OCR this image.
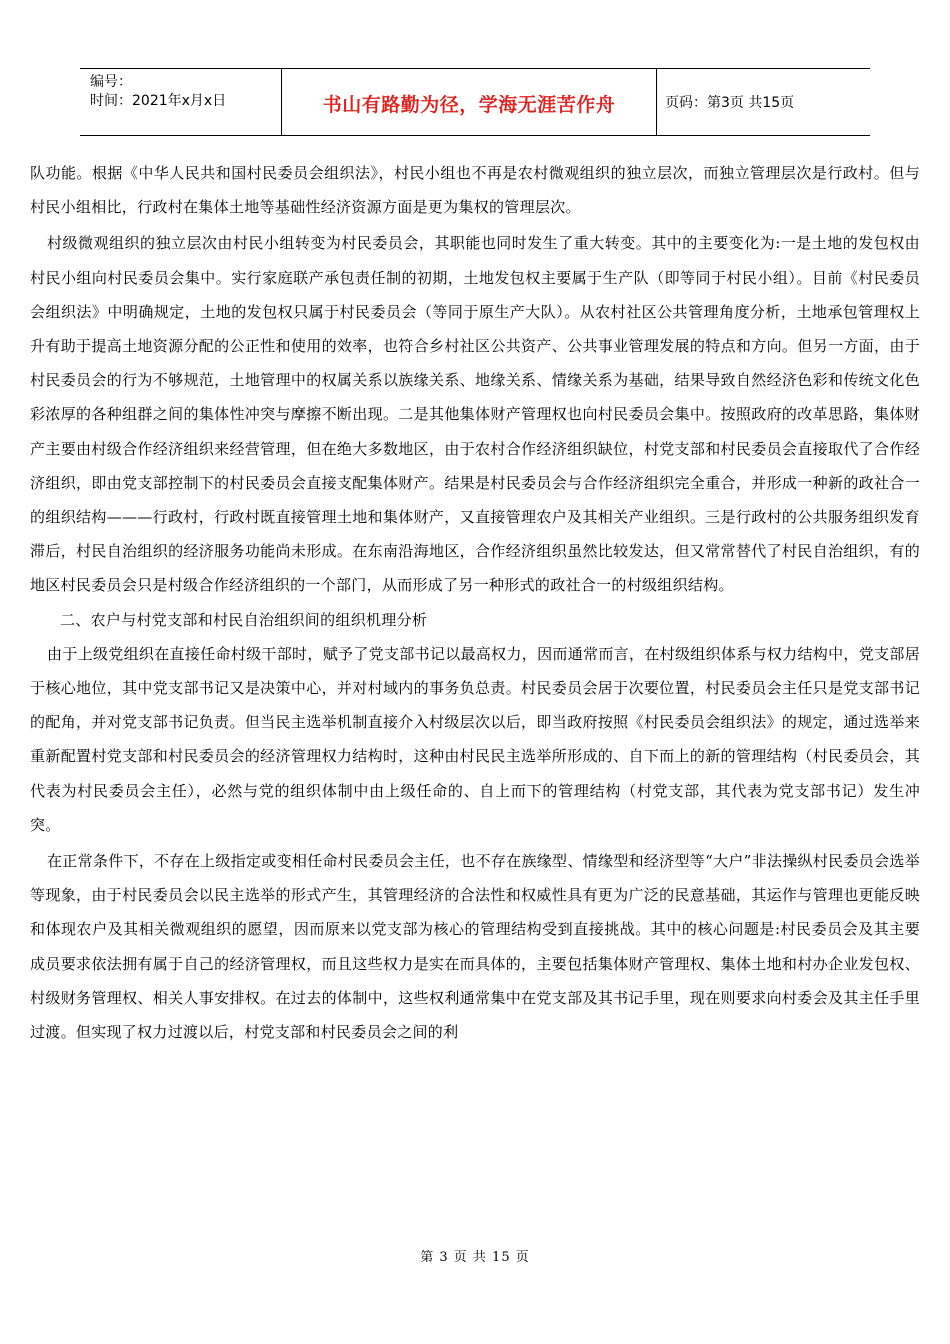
编号：
时间：2021年x月x日	书山有路勤为径，学海无涯苦作舟	页码：第3页 共15页

队功能。根据《中华人民共和国村民委员会组织法》，村民小组也不再是农村微观组织的独立层次，而独立管理层次是行政村。但与村民小组相比，行政村在集体土地等基础性经济资源方面是更为集权的管理层次。

村级微观组织的独立层次由村民小组转变为村民委员会，其职能也同时发生了重大转变。其中的主要变化为:一是土地的发包权由村民小组向村民委员会集中。实行家庭联产承包责任制的初期，土地发包权主要属于生产队（即等同于村民小组）。目前《村民委员会组织法》中明确规定，土地的发包权只属于村民委员会（等同于原生产大队）。从农村社区公共管理角度分析，土地承包管理权上升有助于提高土地资源分配的公正性和使用的效率，也符合乡村社区公共资产、公共事业管理发展的特点和方向。但另一方面，由于村民委员会的行为不够规范，土地管理中的权属关系以族缘关系、地缘关系、情缘关系为基础，结果导致自然经济色彩和传统文化色彩浓厚的各种组群之间的集体性冲突与摩擦不断出现。二是其他集体财产管理权也向村民委员会集中。按照政府的改革思路，集体财产主要由村级合作经济组织来经营管理，但在绝大多数地区，由于农村合作经济组织缺位，村党支部和村民委员会直接取代了合作经济组织，即由党支部控制下的村民委员会直接支配集体财产。结果是村民委员会与合作经济组织完全重合，并形成一种新的政社合一的组织结构———行政村，行政村既直接管理土地和集体财产，又直接管理农户及其相关产业组织。三是行政村的公共服务组织发育滞后，村民自治组织的经济服务功能尚未形成。在东南沿海地区，合作经济组织虽然比较发达，但又常常替代了村民自治组织，有的地区村民委员会只是村级合作经济组织的一个部门，从而形成了另一种形式的政社合一的村级组织结构。

二、农户与村党支部和村民自治组织间的组织机理分析

由于上级党组织在直接任命村级干部时，赋予了党支部书记以最高权力，因而通常而言，在村级组织体系与权力结构中，党支部居于核心地位，其中党支部书记又是决策中心，并对村域内的事务负总责。村民委员会居于次要位置，村民委员会主任只是党支部书记的配角，并对党支部书记负责。但当民主选举机制直接介入村级层次以后，即当政府按照《村民委员会组织法》的规定，通过选举来重新配置村党支部和村民委员会的经济管理权力结构时，这种由村民民主选举所形成的、自下而上的新的管理结构（村民委员会，其代表为村民委员会主任），必然与党的组织体制中由上级任命的、自上而下的管理结构（村党支部，其代表为党支部书记）发生冲突。

在正常条件下，不存在上级指定或变相任命村民委员会主任，也不存在族缘型、情缘型和经济型等“大户”非法操纵村民委员会选举等现象，由于村民委员会以民主选举的形式产生，其管理经济的合法性和权威性具有更为广泛的民意基础，其运作与管理也更能反映和体现农户及其相关微观组织的愿望，因而原来以党支部为核心的管理结构受到直接挑战。其中的核心问题是:村民委员会及其主要成员要求依法拥有属于自己的经济管理权，而且这些权力是实在而具体的，主要包括集体财产管理权、集体土地和村办企业发包权、村级财务管理权、相关人事安排权。在过去的体制中，这些权利通常集中在党支部及其书记手里，现在则要求向村委会及其主任手里过渡。但实现了权力过渡以后，村党支部和村民委员会之间的利

第 3 页 共 15 页
